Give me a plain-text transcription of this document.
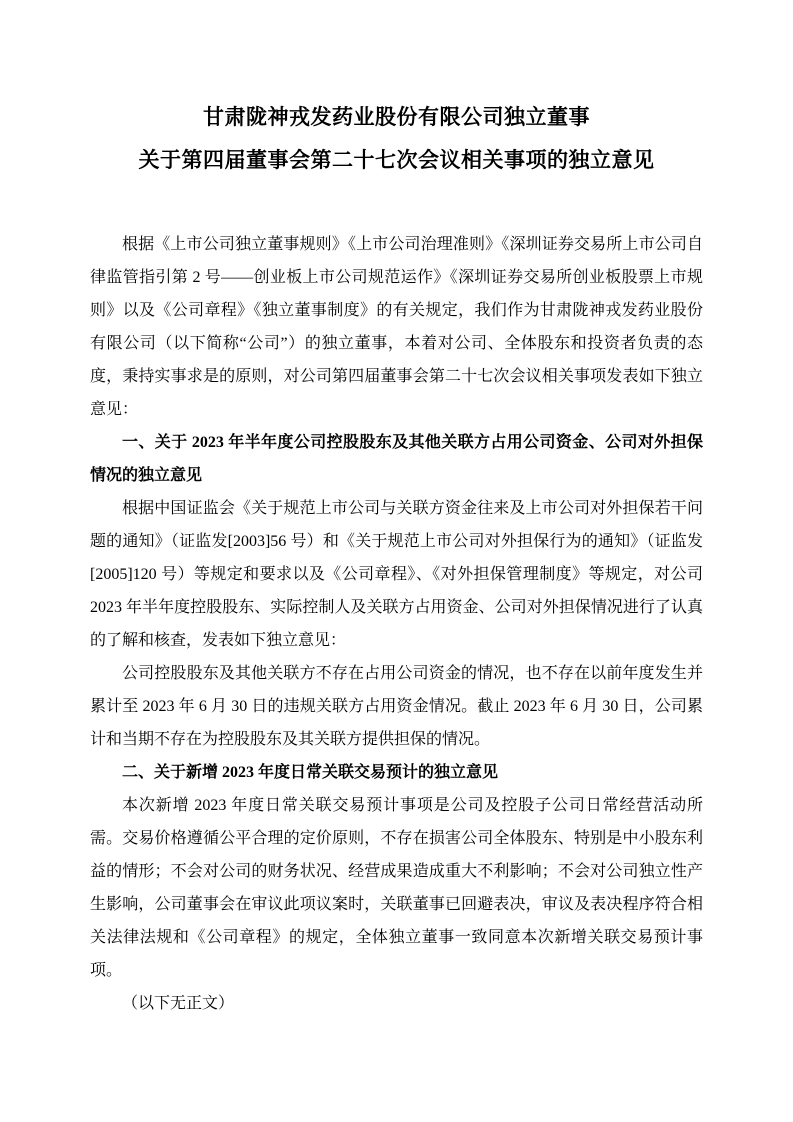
甘肃陇神戎发药业股份有限公司独立董事
关于第四届董事会第二十七次会议相关事项的独立意见

根据《上市公司独立董事规则》《上市公司治理准则》《深圳证券交易所上市公司自律监管指引第 2 号——创业板上市公司规范运作》《深圳证券交易所创业板股票上市规则》以及《公司章程》《独立董事制度》的有关规定，我们作为甘肃陇神戎发药业股份有限公司（以下简称“公司”）的独立董事，本着对公司、全体股东和投资者负责的态度，秉持实事求是的原则，对公司第四届董事会第二十七次会议相关事项发表如下独立意见：

一、关于 2023 年半年度公司控股股东及其他关联方占用公司资金、公司对外担保情况的独立意见

根据中国证监会《关于规范上市公司与关联方资金往来及上市公司对外担保若干问题的通知》（证监发[2003]56 号）和《关于规范上市公司对外担保行为的通知》（证监发[2005]120 号）等规定和要求以及《公司章程》、《对外担保管理制度》等规定，对公司 2023 年半年度控股股东、实际控制人及关联方占用资金、公司对外担保情况进行了认真的了解和核查，发表如下独立意见：

公司控股股东及其他关联方不存在占用公司资金的情况，也不存在以前年度发生并累计至 2023 年 6 月 30 日的违规关联方占用资金情况。截止 2023 年 6 月 30 日，公司累计和当期不存在为控股股东及其关联方提供担保的情况。

二、关于新增 2023 年度日常关联交易预计的独立意见

本次新增 2023 年度日常关联交易预计事项是公司及控股子公司日常经营活动所需。交易价格遵循公平合理的定价原则，不存在损害公司全体股东、特别是中小股东利益的情形；不会对公司的财务状况、经营成果造成重大不利影响；不会对公司独立性产生影响，公司董事会在审议此项议案时，关联董事已回避表决，审议及表决程序符合相关法律法规和《公司章程》的规定，全体独立董事一致同意本次新增关联交易预计事项。

（以下无正文）
